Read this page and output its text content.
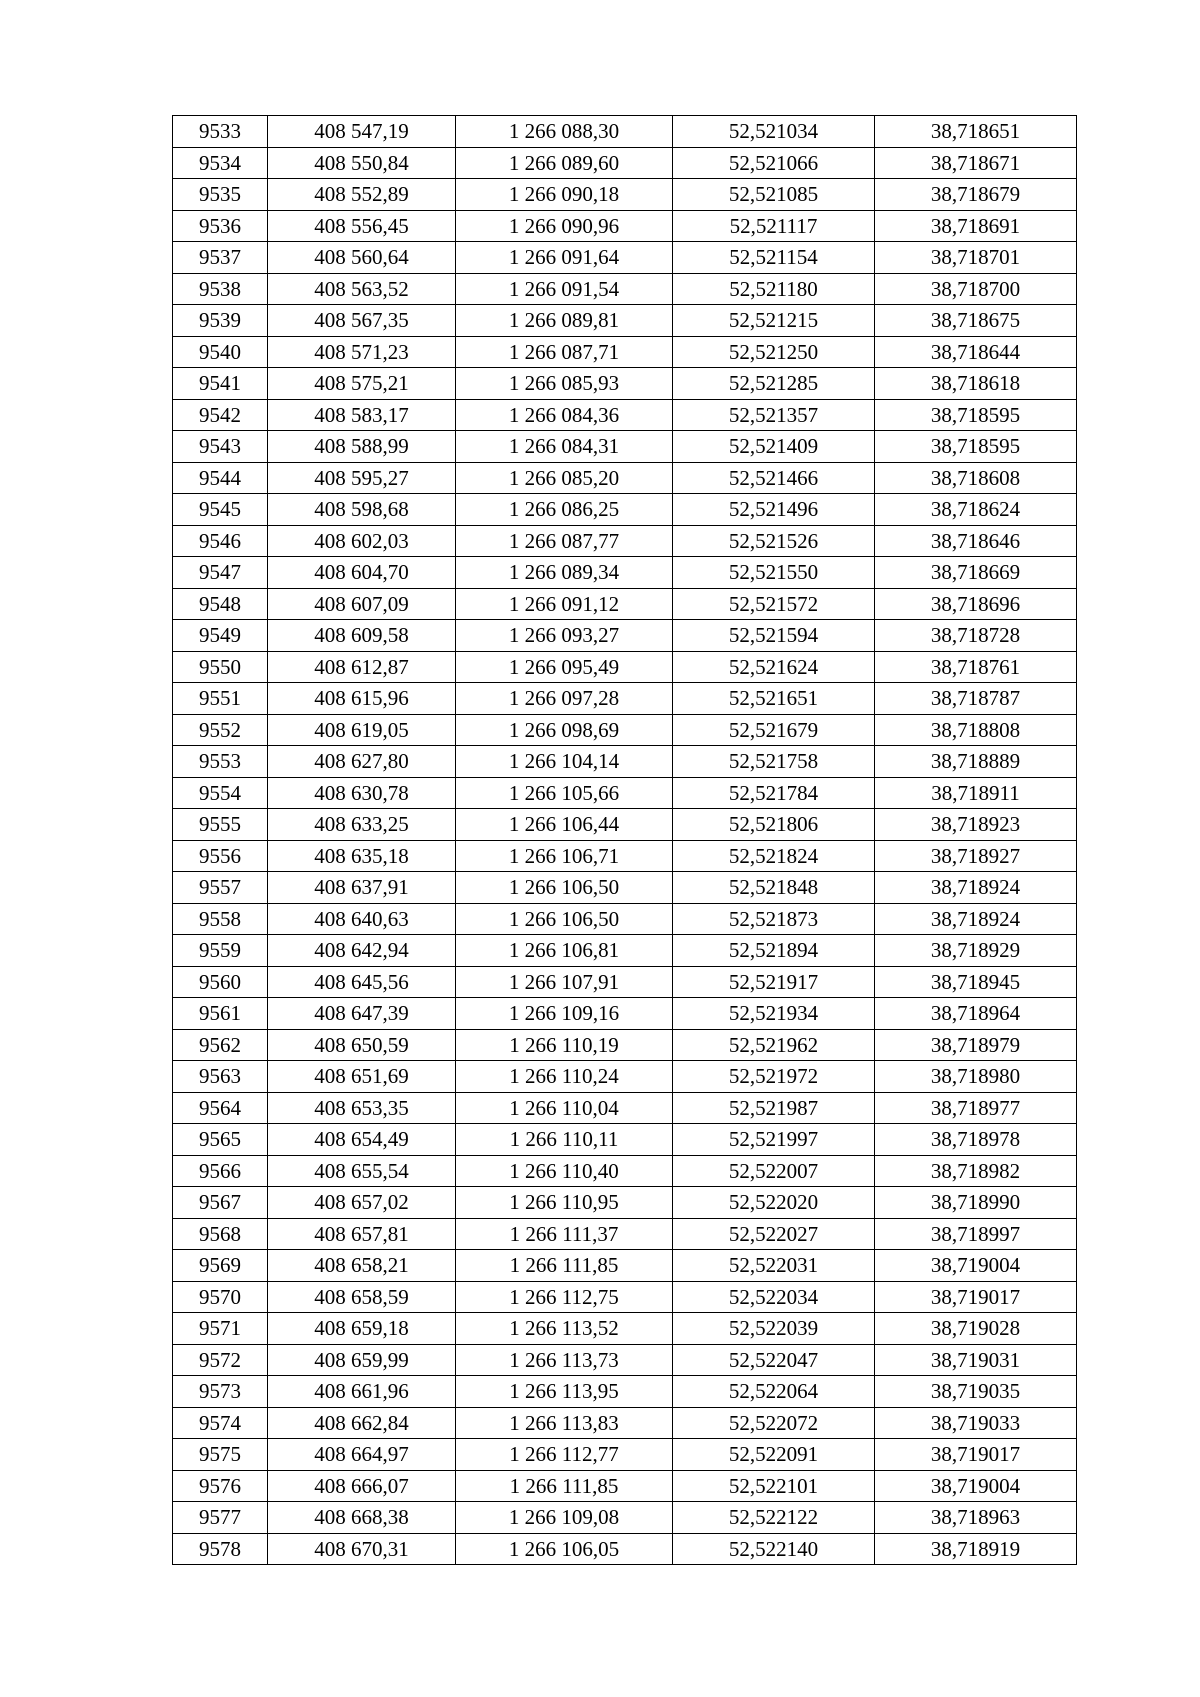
9533	408 547,19	1 266 088,30	52,521034	38,718651
9534	408 550,84	1 266 089,60	52,521066	38,718671
9535	408 552,89	1 266 090,18	52,521085	38,718679
9536	408 556,45	1 266 090,96	52,521117	38,718691
9537	408 560,64	1 266 091,64	52,521154	38,718701
9538	408 563,52	1 266 091,54	52,521180	38,718700
9539	408 567,35	1 266 089,81	52,521215	38,718675
9540	408 571,23	1 266 087,71	52,521250	38,718644
9541	408 575,21	1 266 085,93	52,521285	38,718618
9542	408 583,17	1 266 084,36	52,521357	38,718595
9543	408 588,99	1 266 084,31	52,521409	38,718595
9544	408 595,27	1 266 085,20	52,521466	38,718608
9545	408 598,68	1 266 086,25	52,521496	38,718624
9546	408 602,03	1 266 087,77	52,521526	38,718646
9547	408 604,70	1 266 089,34	52,521550	38,718669
9548	408 607,09	1 266 091,12	52,521572	38,718696
9549	408 609,58	1 266 093,27	52,521594	38,718728
9550	408 612,87	1 266 095,49	52,521624	38,718761
9551	408 615,96	1 266 097,28	52,521651	38,718787
9552	408 619,05	1 266 098,69	52,521679	38,718808
9553	408 627,80	1 266 104,14	52,521758	38,718889
9554	408 630,78	1 266 105,66	52,521784	38,718911
9555	408 633,25	1 266 106,44	52,521806	38,718923
9556	408 635,18	1 266 106,71	52,521824	38,718927
9557	408 637,91	1 266 106,50	52,521848	38,718924
9558	408 640,63	1 266 106,50	52,521873	38,718924
9559	408 642,94	1 266 106,81	52,521894	38,718929
9560	408 645,56	1 266 107,91	52,521917	38,718945
9561	408 647,39	1 266 109,16	52,521934	38,718964
9562	408 650,59	1 266 110,19	52,521962	38,718979
9563	408 651,69	1 266 110,24	52,521972	38,718980
9564	408 653,35	1 266 110,04	52,521987	38,718977
9565	408 654,49	1 266 110,11	52,521997	38,718978
9566	408 655,54	1 266 110,40	52,522007	38,718982
9567	408 657,02	1 266 110,95	52,522020	38,718990
9568	408 657,81	1 266 111,37	52,522027	38,718997
9569	408 658,21	1 266 111,85	52,522031	38,719004
9570	408 658,59	1 266 112,75	52,522034	38,719017
9571	408 659,18	1 266 113,52	52,522039	38,719028
9572	408 659,99	1 266 113,73	52,522047	38,719031
9573	408 661,96	1 266 113,95	52,522064	38,719035
9574	408 662,84	1 266 113,83	52,522072	38,719033
9575	408 664,97	1 266 112,77	52,522091	38,719017
9576	408 666,07	1 266 111,85	52,522101	38,719004
9577	408 668,38	1 266 109,08	52,522122	38,718963
9578	408 670,31	1 266 106,05	52,522140	38,718919
